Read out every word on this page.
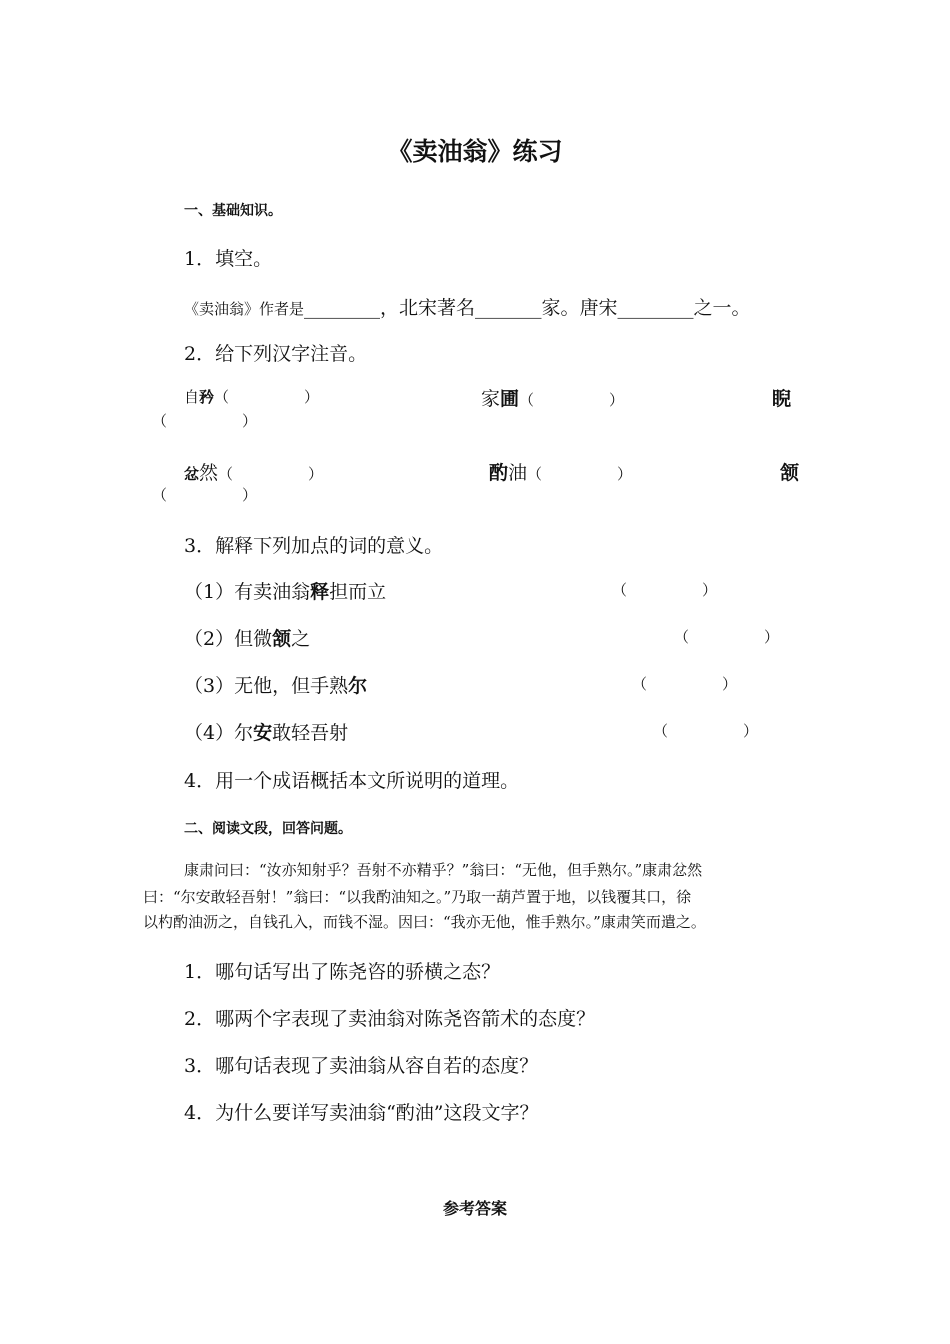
《卖油翁》练习
一、基础知识。
1．填空。
《卖油翁》作者是________，北宋著名_______家。唐宋________之一。
2．给下列汉字注音。
自矜（　　　　　）	家圃（　　　　　）	睨
（　　　　　）
忿然（　　　　　）	酌油（　　　　　）	颔
（　　　　　）
3．解释下列加点的词的意义。
（1）有卖油翁释担而立	（　　　　　）
（2）但微颔之	（　　　　　）
（3）无他，但手熟尔	（　　　　　）
（4）尔安敢轻吾射	（　　　　　）
4．用一个成语概括本文所说明的道理。
二、阅读文段，回答问题。
康肃问曰：“汝亦知射乎？吾射不亦精乎？”翁曰：“无他，但手熟尔。”康肃忿然
曰：“尔安敢轻吾射！”翁曰：“以我酌油知之。”乃取一葫芦置于地，以钱覆其口，徐
以杓酌油沥之，自钱孔入，而钱不湿。因曰：“我亦无他，惟手熟尔。”康肃笑而遣之。
1．哪句话写出了陈尧咨的骄横之态？
2．哪两个字表现了卖油翁对陈尧咨箭术的态度？
3．哪句话表现了卖油翁从容自若的态度？
4．为什么要详写卖油翁“酌油”这段文字？
参考答案
